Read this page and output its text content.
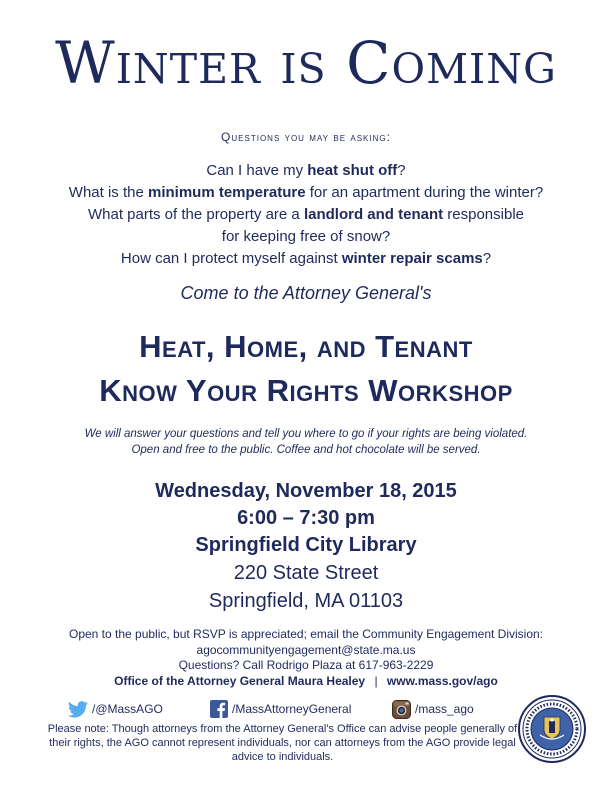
Winter is Coming
Questions you may be asking:
Can I have my heat shut off?
What is the minimum temperature for an apartment during the winter?
What parts of the property are a landlord and tenant responsible
for keeping free of snow?
How can I protect myself against winter repair scams?
Come to the Attorney General's
Heat, Home, and Tenant
Know Your Rights Workshop
We will answer your questions and tell you where to go if your rights are being violated.
Open and free to the public. Coffee and hot chocolate will be served.
Wednesday, November 18, 2015
6:00 – 7:30 pm
Springfield City Library
220 State Street
Springfield, MA 01103
Open to the public, but RSVP is appreciated; email the Community Engagement Division:
agocommunityengagement@state.ma.us
Questions? Call Rodrigo Plaza at 617-963-2229
Office of the Attorney General Maura Healey | www.mass.gov/ago
/@MassAGO	/MassAttorneyGeneral	/mass_ago
Please note: Though attorneys from the Attorney General's Office can advise people generally of their rights, the AGO cannot represent individuals, nor can attorneys from the AGO provide legal advice to individuals.
